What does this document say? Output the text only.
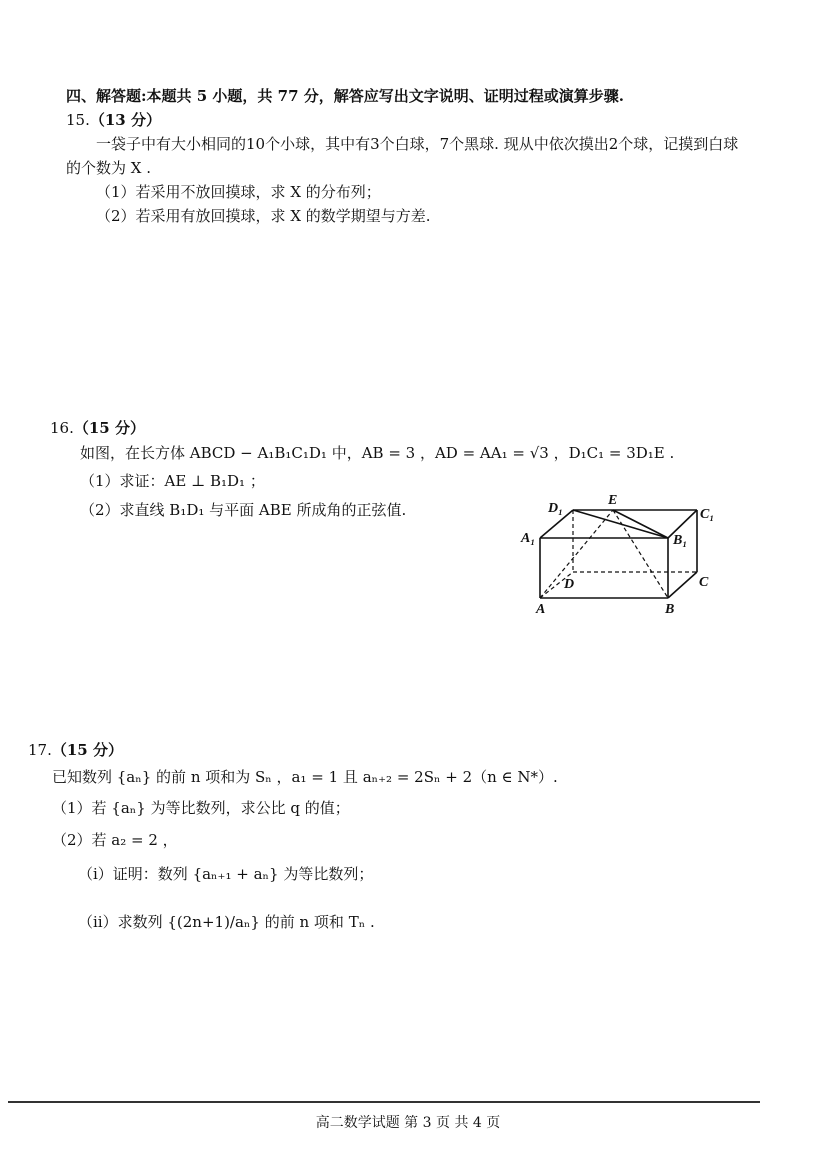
四、解答题:本题共 5 小题，共 77 分，解答应写出文字说明、证明过程或演算步骤.
15.（13 分）
一袋子中有大小相同的10个小球，其中有3个白球，7个黑球. 现从中依次摸出2个球，记摸到白球
的个数为 X .
（1）若采用不放回摸球，求 X 的分布列；
（2）若采用有放回摸球，求 X 的数学期望与方差.
16.（15 分）
如图，在长方体 ABCD − A₁B₁C₁D₁ 中，AB = 3 ，AD = AA₁ = √3 ，D₁C₁ = 3D₁E .
（1）求证：AE ⊥ B₁D₁ ；
（2）求直线 B₁D₁ 与平面 ABE 所成角的正弦值.	D₁
E
C₁
A₁	B₁
D	C
A	B
17.（15 分）
已知数列 {aₙ} 的前 n 项和为 Sₙ ，a₁ = 1 且 aₙ₊₂ = 2Sₙ + 2（n ∈ N*）.
（1）若 {aₙ} 为等比数列，求公比 q 的值；
（2）若 a₂ = 2 ，
（ⅰ）证明：数列 {aₙ₊₁ + aₙ} 为等比数列；
（ⅱ）求数列 {(2n+1)/aₙ} 的前 n 项和 Tₙ .
高二数学试题 第 3 页 共 4 页
